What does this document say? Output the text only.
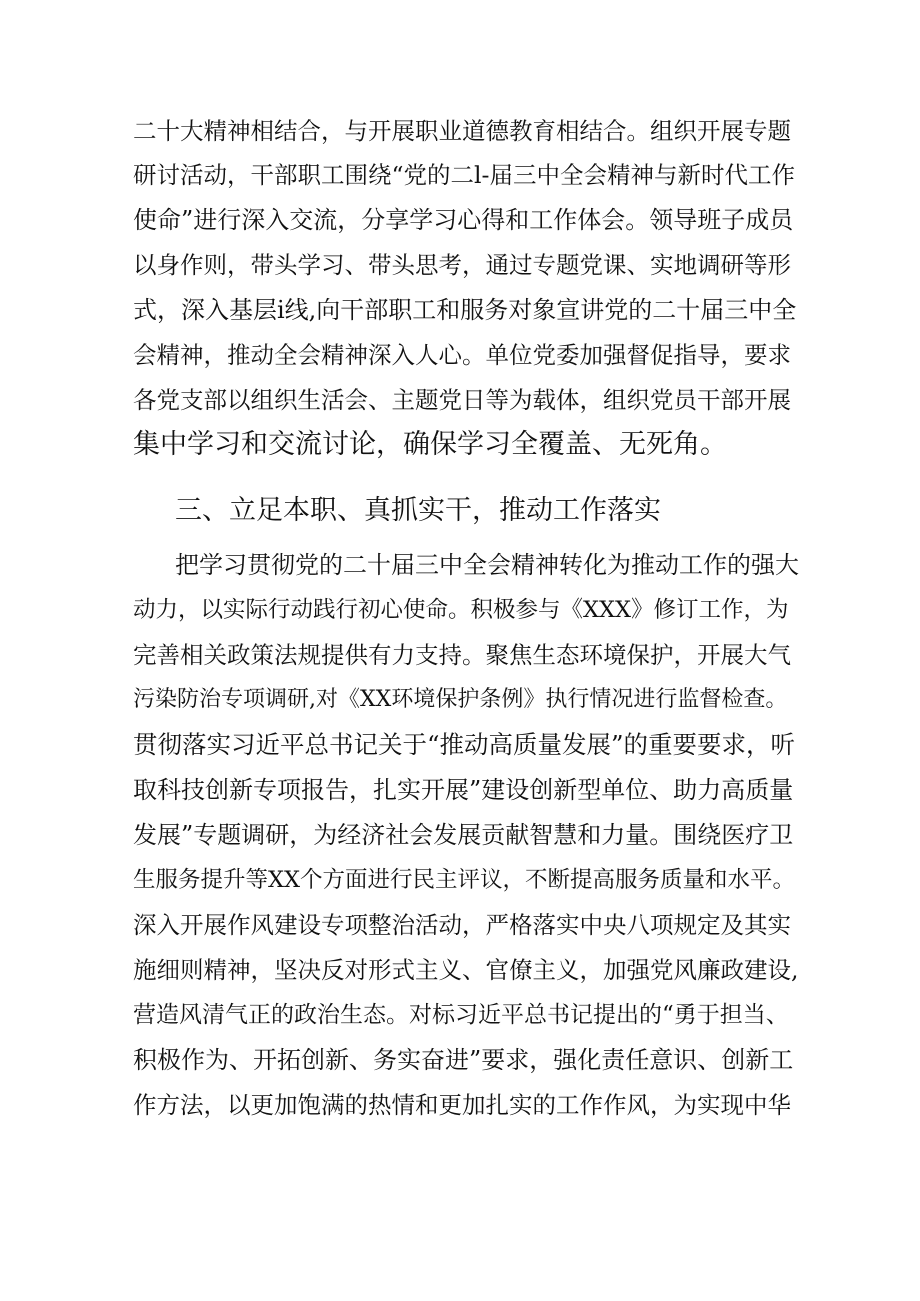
二十大精神相结合，与开展职业道德教育相结合。组织开展专题
研讨活动，干部职工围绕“党的二l-届三中全会精神与新时代工作
使命”进行深入交流，分享学习心得和工作体会。领导班子成员
以身作则，带头学习、带头思考，通过专题党课、实地调研等形
式，深入基层i线,向干部职工和服务对象宣讲党的二十届三中全
会精神，推动全会精神深入人心。单位党委加强督促指导，要求
各党支部以组织生活会、主题党日等为载体，组织党员干部开展
集中学习和交流讨论，确保学习全覆盖、无死角。
三、立足本职、真抓实干，推动工作落实
把学习贯彻党的二十届三中全会精神转化为推动工作的强大
动力，以实际行动践行初心使命。积极参与《XXX》修订工作，为
完善相关政策法规提供有力支持。聚焦生态环境保护，开展大气
污染防治专项调研,对《XX环境保护条例》执行情况进行监督检查。
贯彻落实习近平总书记关于“推动高质量发展”的重要要求，听
取科技创新专项报告，扎实开展”建设创新型单位、助力高质量
发展”专题调研，为经济社会发展贡献智慧和力量。围绕医疗卫
生服务提升等XX个方面进行民主评议，不断提高服务质量和水平。
深入开展作风建设专项整治活动，严格落实中央八项规定及其实
施细则精神，坚决反对形式主义、官僚主义，加强党风廉政建设,
营造风清气正的政治生态。对标习近平总书记提出的“勇于担当、
积极作为、开拓创新、务实奋进”要求，强化责任意识、创新工
作方法，以更加饱满的热情和更加扎实的工作作风，为实现中华
